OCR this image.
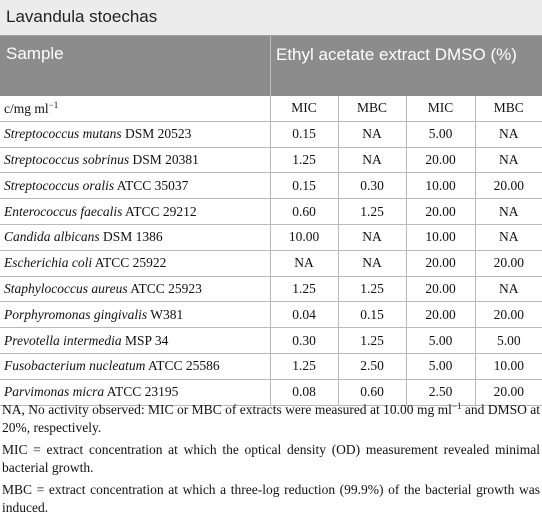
Lavandula stoechas
Sample	Ethyl acetate extract DMSO (%)
c/mg $ml^{-1}$	MIC	MBC	MIC	MBC
Streptococcus mutans DSM 20523	0.15	NA	5.00	NA
Streptococcus sobrinus DSM 20381	1.25	NA	20.00	NA
Streptococcus oralis ATCC 35037	0.15	0.30	10.00	20.00
Enterococcus faecalis ATCC 29212	0.60	1.25	20.00	NA
Candida albicans DSM 1386	10.00	NA	10.00	NA
Escherichia coli ATCC 25922	NA	NA	20.00	20.00
Staphylococcus aureus ATCC 25923	1.25	1.25	20.00	NA
Porphyromonas gingivalis W381	0.04	0.15	20.00	20.00
Prevotella intermedia MSP 34	0.30	1.25	5.00	5.00
Fusobacterium nucleatum ATCC 25586	1.25	2.50	5.00	10.00
Parvimonas micra ATCC 23195	0.08	0.60	2.50	20.00

NA, No activity observed: MIC or MBC of extracts were measured at 10.00 mg $ml^{-1}$ and DMSO at 20%, respectively.

MIC = extract concentration at which the optical density (OD) measurement revealed minimal bacterial growth.

MBC = extract concentration at which a three-log reduction (99.9%) of the bacterial growth was induced.
